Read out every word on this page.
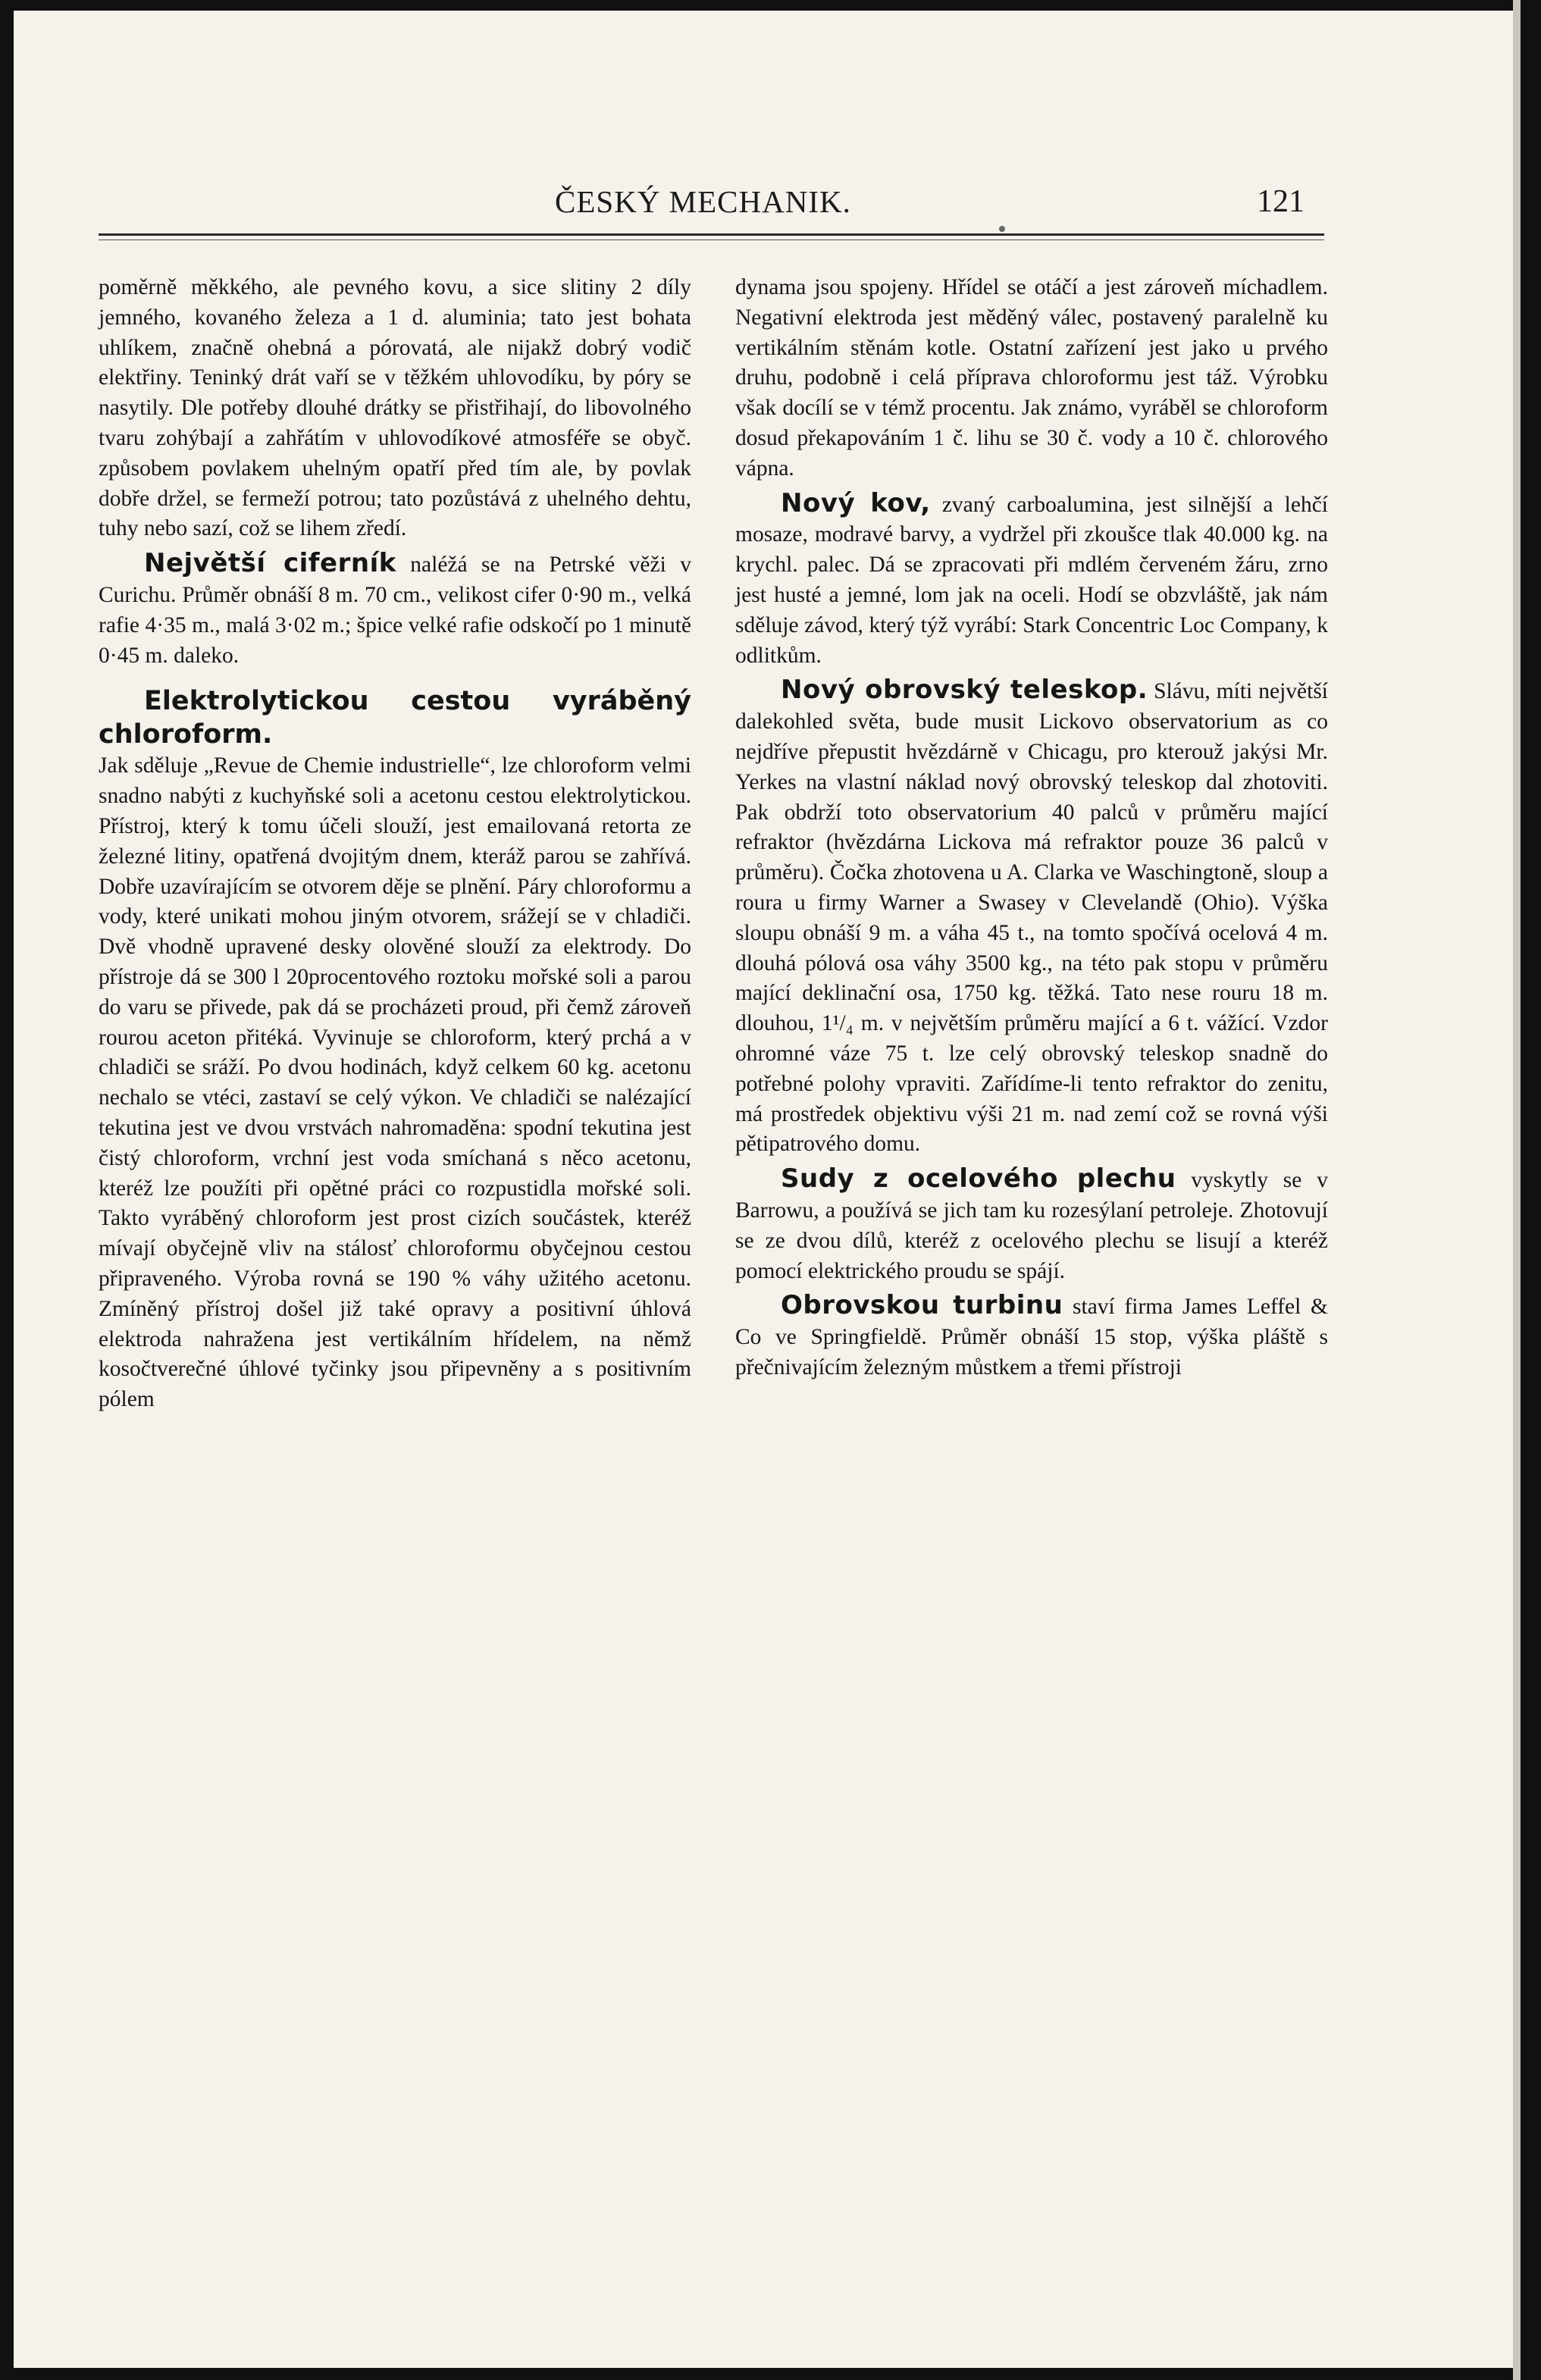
ČESKÝ MECHANIK.	121

poměrně měkkého, ale pevného kovu, a sice slitiny 2 díly jemného, kovaného železa a 1 d. aluminia; tato jest bohata uhlíkem, značně ohebná a pórovatá, ale nijakž dobrý vodič elektřiny. Teninký drát vaří se v těžkém uhlovodíku, by póry se nasytily. Dle potřeby dlouhé drátky se přistřihají, do libovolného tvaru zohýbají a zahřátím v uhlovodíkové atmosféře se obyč. způsobem povlakem uhelným opatří před tím ale, by povlak dobře držel, se fermeží potrou; tato pozůstává z uhelného dehtu, tuhy nebo sazí, což se lihem zředí.

Největší ciferník naléžá se na Petrské věži v Curichu. Průměr obnáší 8 m. 70 cm., velikost cifer 0·90 m., velká rafie 4·35 m., malá 3·02 m.; špice velké rafie odskočí po 1 minutě 0·45 m. daleko.

Elektrolytickou cestou vyráběný chloroform.

Jak sděluje „Revue de Chemie industrielle“, lze chloroform velmi snadno nabýti z kuchyňské soli a acetonu cestou elektrolytickou. Přístroj, který k tomu účeli slouží, jest emailovaná retorta ze železné litiny, opatřená dvojitým dnem, kteráž parou se zahřívá. Dobře uzavírajícím se otvorem děje se plnění. Páry chloroformu a vody, které unikati mohou jiným otvorem, srážejí se v chladiči. Dvě vhodně upravené desky olověné slouží za elektrody. Do přístroje dá se 300 l 20procentového roztoku mořské soli a parou do varu se přivede, pak dá se procházeti proud, při čemž zároveň rourou aceton přitéká. Vyvinuje se chloroform, který prchá a v chladiči se sráží. Po dvou hodinách, když celkem 60 kg. acetonu nechalo se vtéci, zastaví se celý výkon. Ve chladiči se nalézající tekutina jest ve dvou vrstvách nahromaděna: spodní tekutina jest čistý chloroform, vrchní jest voda smíchaná s něco acetonu, kteréž lze použíti při opětné práci co rozpustidla mořské soli. Takto vyráběný chloroform jest prost cizích součástek, kteréž mívají obyčejně vliv na stálosť chloroformu obyčejnou cestou připraveného. Výroba rovná se 190 % váhy užitého acetonu. Zmíněný přístroj došel již také opravy a positivní úhlová elektroda nahražena jest vertikálním hřídelem, na němž kosočtverečné úhlové tyčinky jsou připevněny a s positivním pólem

dynama jsou spojeny. Hřídel se otáčí a jest zároveň míchadlem. Negativní elektroda jest měděný válec, postavený paralelně ku vertikálním stěnám kotle. Ostatní zařízení jest jako u prvého druhu, podobně i celá příprava chloroformu jest táž. Výrobku však docílí se v témž procentu. Jak známo, vyráběl se chloroform dosud překapováním 1 č. lihu se 30 č. vody a 10 č. chlorového vápna.

Nový kov, zvaný carboalumina, jest silnější a lehčí mosaze, modravé barvy, a vydržel při zkoušce tlak 40.000 kg. na krychl. palec. Dá se zpracovati při mdlém červeném žáru, zrno jest husté a jemné, lom jak na oceli. Hodí se obzvláště, jak nám sděluje závod, který týž vyrábí: Stark Concentric Loc Company, k odlitkům.

Nový obrovský teleskop. Slávu, míti největší dalekohled světa, bude musit Lickovo observatorium as co nejdříve přepustit hvězdárně v Chicagu, pro kterouž jakýsi Mr. Yerkes na vlastní náklad nový obrovský teleskop dal zhotoviti. Pak obdrží toto observatorium 40 palců v průměru mající refraktor (hvězdárna Lickova má refraktor pouze 36 palců v průměru). Čočka zhotovena u A. Clarka ve Waschingtoně, sloup a roura u firmy Warner a Swasey v Clevelandě (Ohio). Výška sloupu obnáší 9 m. a váha 45 t., na tomto spočívá ocelová 4 m. dlouhá pólová osa váhy 3500 kg., na této pak stopu v průměru mající deklinační osa, 1750 kg. těžká. Tato nese rouru 18 m. dlouhou, 1¹/₄ m. v největším průměru mající a 6 t. vážící. Vzdor ohromné váze 75 t. lze celý obrovský teleskop snadně do potřebné polohy vpraviti. Zařídíme-li tento refraktor do zenitu, má prostředek objektivu výši 21 m. nad zemí což se rovná výši pětipatrového domu.

Sudy z ocelového plechu vyskytly se v Barrowu, a používá se jich tam ku rozesýlaní petroleje. Zhotovují se ze dvou dílů, kteréž z ocelového plechu se lisují a kteréž pomocí elektrického proudu se spájí.

Obrovskou turbinu staví firma James Leffel & Co ve Springfieldě. Průměr obnáší 15 stop, výška pláště s přečnivajícím železným můstkem a třemi přístroji
